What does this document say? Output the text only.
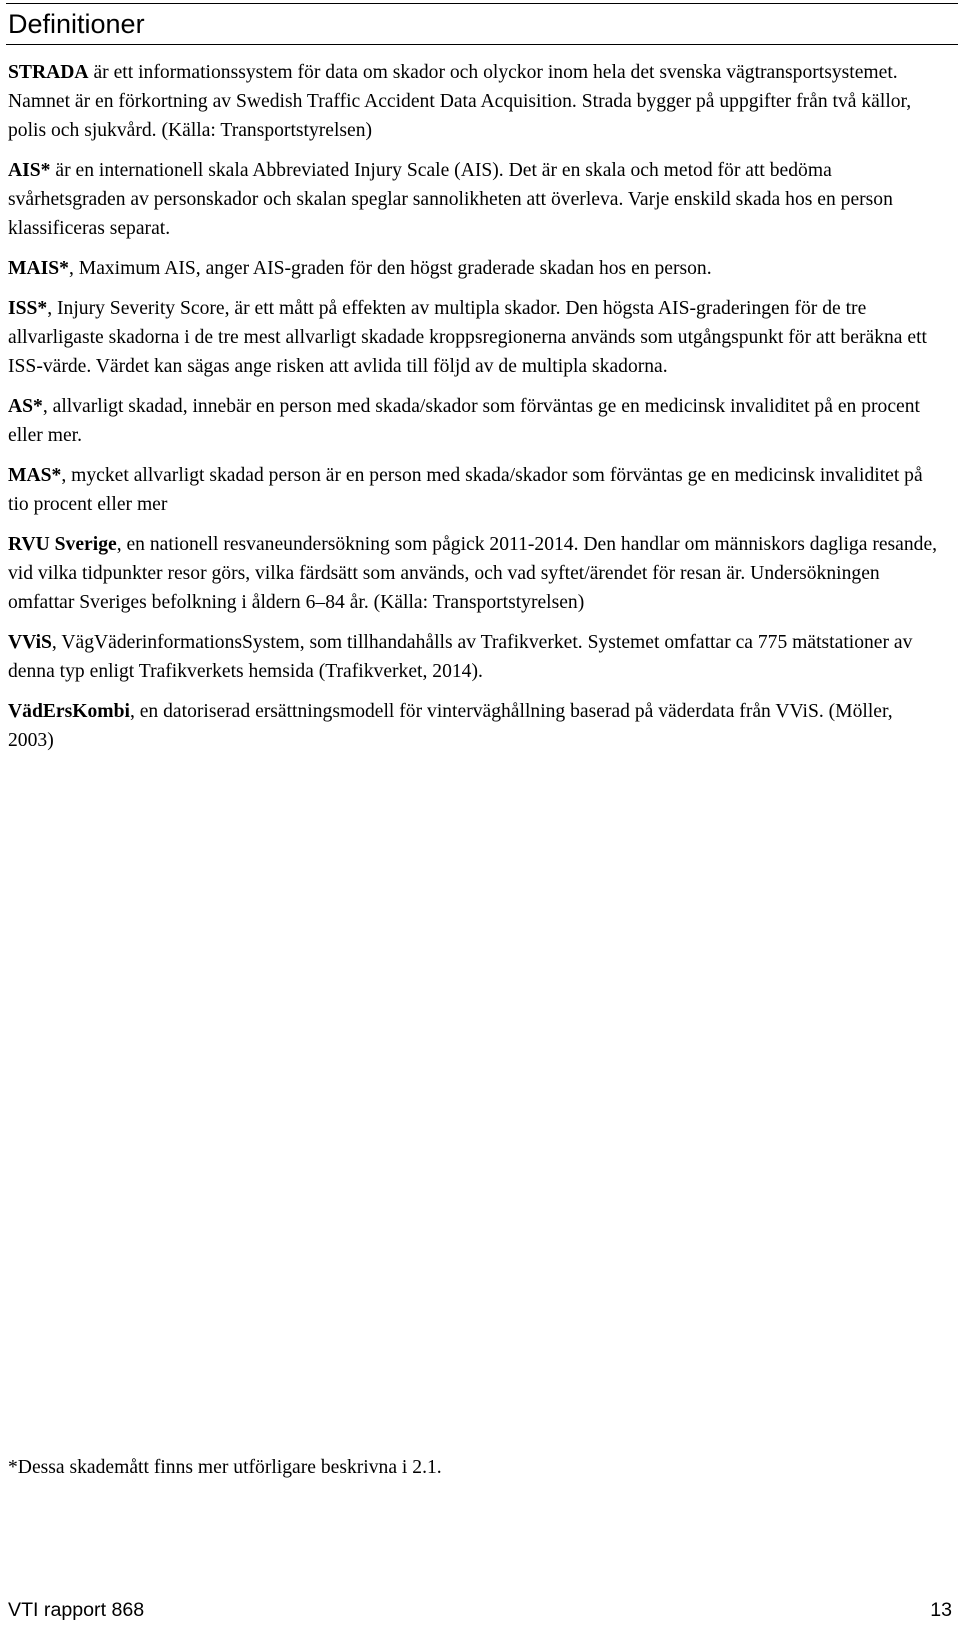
Definitioner

STRADA är ett informationssystem för data om skador och olyckor inom hela det svenska vägtransportsystemet. Namnet är en förkortning av Swedish Traffic Accident Data Acquisition. Strada bygger på uppgifter från två källor, polis och sjukvård. (Källa: Transportstyrelsen)

AIS* är en internationell skala Abbreviated Injury Scale (AIS). Det är en skala och metod för att bedöma svårhetsgraden av personskador och skalan speglar sannolikheten att överleva. Varje enskild skada hos en person klassificeras separat.

MAIS*, Maximum AIS, anger AIS-graden för den högst graderade skadan hos en person.

ISS*, Injury Severity Score, är ett mått på effekten av multipla skador. Den högsta AIS-graderingen för de tre allvarligaste skadorna i de tre mest allvarligt skadade kroppsregionerna används som utgångspunkt för att beräkna ett ISS-värde. Värdet kan sägas ange risken att avlida till följd av de multipla skadorna.

AS*, allvarligt skadad, innebär en person med skada/skador som förväntas ge en medicinsk invaliditet på en procent eller mer.

MAS*, mycket allvarligt skadad person är en person med skada/skador som förväntas ge en medicinsk invaliditet på tio procent eller mer

RVU Sverige, en nationell resvaneundersökning som pågick 2011-2014. Den handlar om människors dagliga resande, vid vilka tidpunkter resor görs, vilka färdsätt som används, och vad syftet/ärendet för resan är. Undersökningen omfattar Sveriges befolkning i åldern 6–84 år. (Källa: Transportstyrelsen)

VViS, VägVäderinformationsSystem, som tillhandahålls av Trafikverket. Systemet omfattar ca 775 mätstationer av denna typ enligt Trafikverkets hemsida (Trafikverket, 2014).

VädErsKombi, en datoriserad ersättningsmodell för vinterväghållning baserad på väderdata från VViS. (Möller, 2003)

*Dessa skademått finns mer utförligare beskrivna i 2.1.
VTI rapport 868	13
